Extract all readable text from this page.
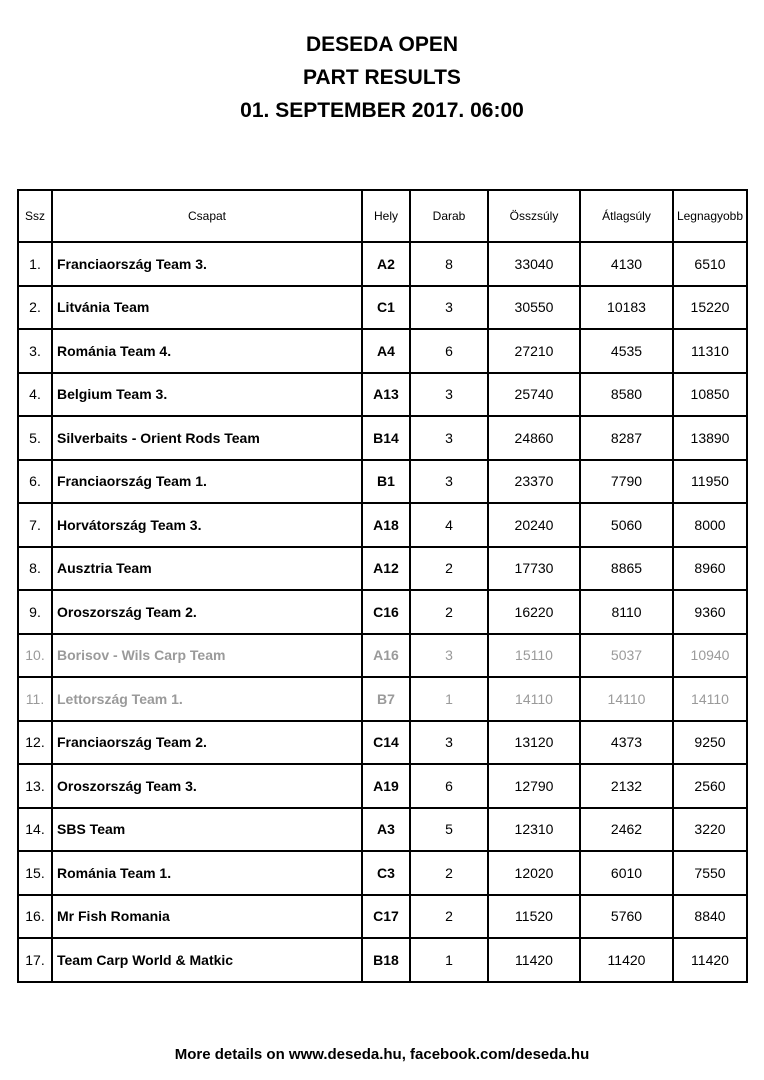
DESEDA OPEN
PART RESULTS
01. SEPTEMBER 2017. 06:00
Ssz	Csapat	Hely	Darab	Összsúly	Átlagsúly	Legnagyobb
1.	Franciaország Team 3.	A2	8	33040	4130	6510
2.	Litvánia Team	C1	3	30550	10183	15220
3.	Románia Team 4.	A4	6	27210	4535	11310
4.	Belgium Team 3.	A13	3	25740	8580	10850
5.	Silverbaits - Orient Rods Team	B14	3	24860	8287	13890
6.	Franciaország Team 1.	B1	3	23370	7790	11950
7.	Horvátország Team 3.	A18	4	20240	5060	8000
8.	Ausztria Team	A12	2	17730	8865	8960
9.	Oroszország Team 2.	C16	2	16220	8110	9360
10.	Borisov - Wils Carp Team	A16	3	15110	5037	10940
11.	Lettország Team 1.	B7	1	14110	14110	14110
12.	Franciaország Team 2.	C14	3	13120	4373	9250
13.	Oroszország Team 3.	A19	6	12790	2132	2560
14.	SBS Team	A3	5	12310	2462	3220
15.	Románia Team 1.	C3	2	12020	6010	7550
16.	Mr Fish Romania	C17	2	11520	5760	8840
17.	Team Carp World & Matkic	B18	1	11420	11420	11420
More details on www.deseda.hu, facebook.com/deseda.hu
